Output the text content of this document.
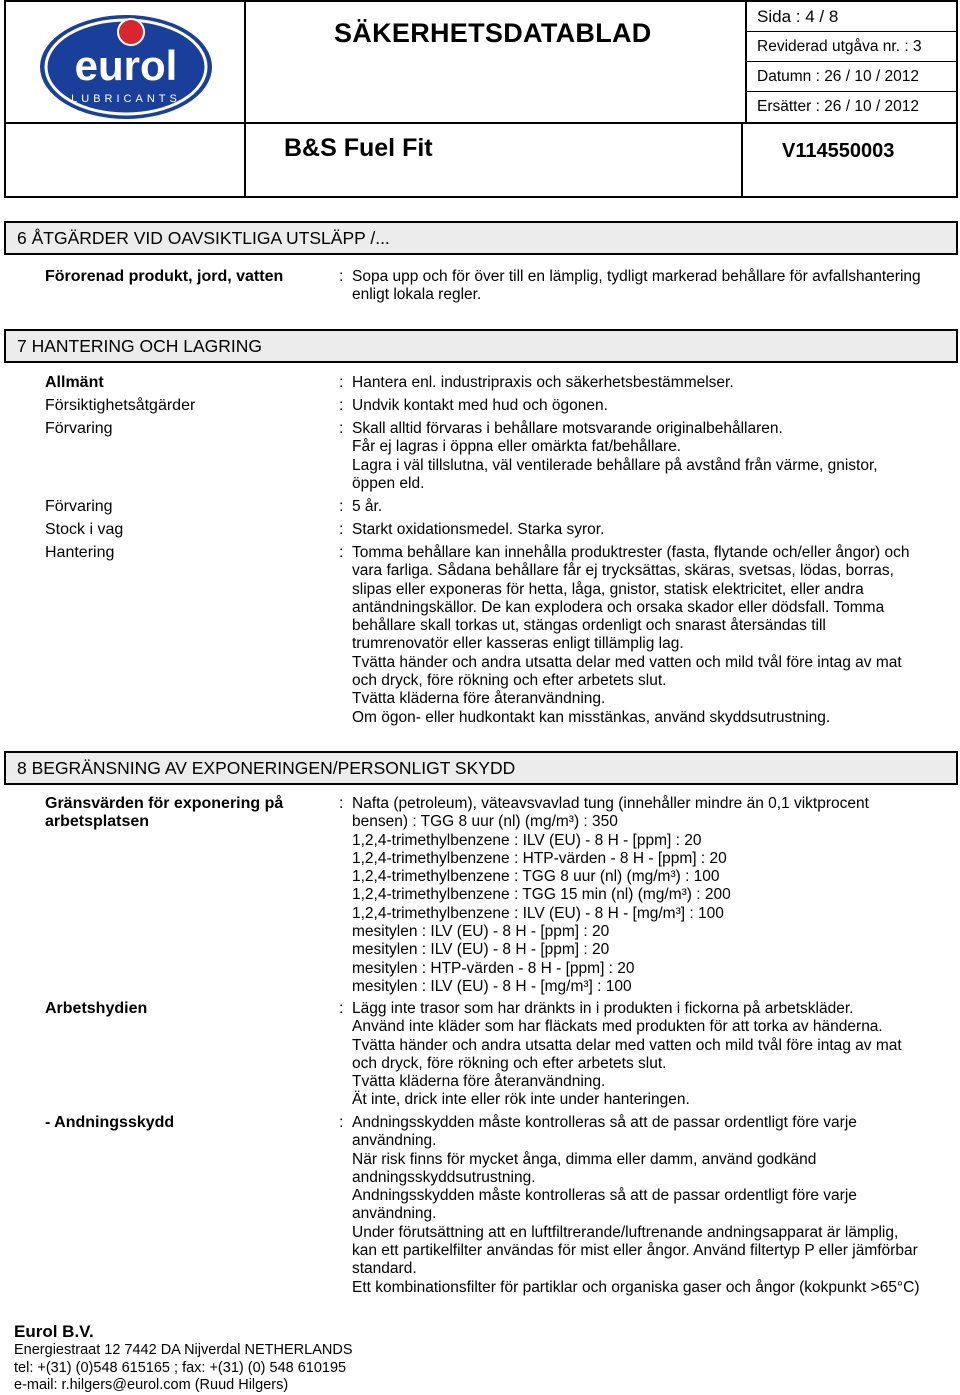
eurol
LUBRICANTS
SÄKERHETSDATABLAD
Sida : 4 / 8
Reviderad utgåva nr. : 3
Datumn : 26 / 10 / 2012
Ersätter : 26 / 10 / 2012
B&S Fuel Fit	V114550003
6 ÅTGÄRDER VID OAVSIKTLIGA UTSLÄPP /...
Förorenad produkt, jord, vatten	: Sopa upp och för över till en lämplig, tydligt markerad behållare för avfallshantering
enligt lokala regler.
7 HANTERING OCH LAGRING
Allmänt	: Hantera enl. industripraxis och säkerhetsbestämmelser.
Försiktighetsåtgärder	: Undvik kontakt med hud och ögonen.
Förvaring	: Skall alltid förvaras i behållare motsvarande originalbehållaren.
Får ej lagras i öppna eller omärkta fat/behållare.
Lagra i väl tillslutna, väl ventilerade behållare på avstånd från värme, gnistor,
öppen eld.
Förvaring	: 5 år.
Stock i vag	: Starkt oxidationsmedel. Starka syror.
Hantering	: Tomma behållare kan innehålla produktrester (fasta, flytande och/eller ångor) och
vara farliga. Sådana behållare får ej trycksättas, skäras, svetsas, lödas, borras,
slipas eller exponeras för hetta, låga, gnistor, statisk elektricitet, eller andra
antändningskällor. De kan explodera och orsaka skador eller dödsfall. Tomma
behållare skall torkas ut, stängas ordenligt och snarast återsändas till
trumrenovatör eller kasseras enligt tillämplig lag.
Tvätta händer och andra utsatta delar med vatten och mild tvål före intag av mat
och dryck, före rökning och efter arbetets slut.
Tvätta kläderna före återanvändning.
Om ögon- eller hudkontakt kan misstänkas, använd skyddsutrustning.
8 BEGRÄNSNING AV EXPONERINGEN/PERSONLIGT SKYDD
Gränsvärden för exponering på
arbetsplatsen
: Nafta (petroleum), väteavsvavlad tung (innehåller mindre än 0,1 viktprocent
bensen) : TGG 8 uur (nl) (mg/m³) : 350
1,2,4-trimethylbenzene : ILV (EU) - 8 H - [ppm] : 20
1,2,4-trimethylbenzene : HTP-värden - 8 H - [ppm] : 20
1,2,4-trimethylbenzene : TGG 8 uur (nl) (mg/m³) : 100
1,2,4-trimethylbenzene : TGG 15 min (nl) (mg/m³) : 200
1,2,4-trimethylbenzene : ILV (EU) - 8 H - [mg/m³] : 100
mesitylen : ILV (EU) - 8 H - [ppm] : 20
mesitylen : ILV (EU) - 8 H - [ppm] : 20
mesitylen : HTP-värden - 8 H - [ppm] : 20
mesitylen : ILV (EU) - 8 H - [mg/m³] : 100
Arbetshydien	: Lägg inte trasor som har dränkts in i produkten i fickorna på arbetskläder.
Använd inte kläder som har fläckats med produkten för att torka av händerna.
Tvätta händer och andra utsatta delar med vatten och mild tvål före intag av mat
och dryck, före rökning och efter arbetets slut.
Tvätta kläderna före återanvändning.
Ät inte, drick inte eller rök inte under hanteringen.
- Andningsskydd	: Andningsskydden måste kontrolleras så att de passar ordentligt före varje
användning.
När risk finns för mycket ånga, dimma eller damm, använd godkänd
andningsskyddsutrustning.
Andningsskydden måste kontrolleras så att de passar ordentligt före varje
användning.
Under förutsättning att en luftfiltrerande/luftrenande andningsapparat är lämplig,
kan ett partikelfilter användas för mist eller ångor. Använd filtertyp P eller jämförbar
standard.
Ett kombinationsfilter för partiklar och organiska gaser och ångor (kokpunkt >65°C)
Eurol B.V.
Energiestraat 12 7442 DA Nijverdal NETHERLANDS
tel: +(31) (0)548 615165 ; fax: +(31) (0) 548 610195
e-mail: r.hilgers@eurol.com (Ruud Hilgers)
